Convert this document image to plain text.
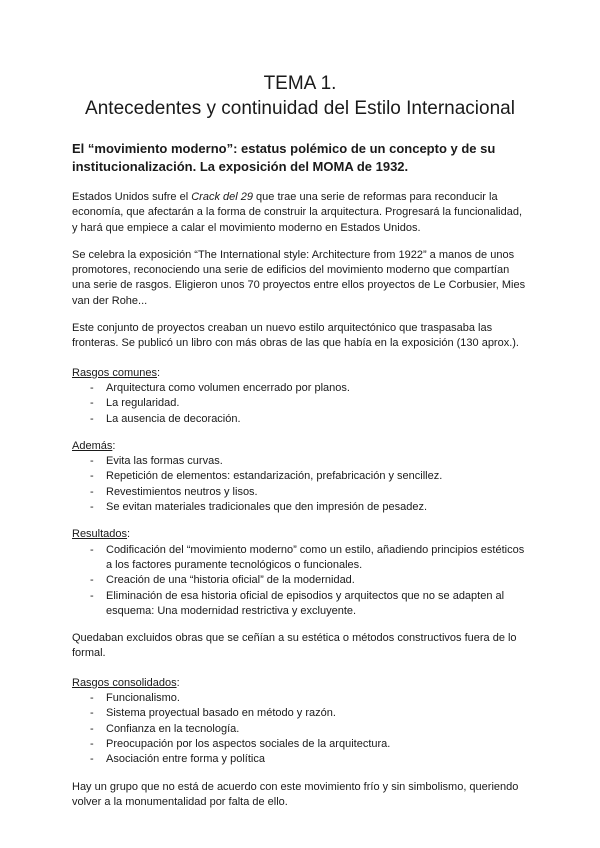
TEMA 1.
Antecedentes y continuidad del Estilo Internacional

El “movimiento moderno”: estatus polémico de un concepto y de su institucionalización. La exposición del MOMA de 1932.

Estados Unidos sufre el Crack del 29 que trae una serie de reformas para reconducir la economía, que afectarán a la forma de construir la arquitectura. Progresará la funcionalidad, y hará que empiece a calar el movimiento moderno en Estados Unidos.

Se celebra la exposición “The International style: Architecture from 1922” a manos de unos promotores, reconociendo una serie de edificios del movimiento moderno que compartían una serie de rasgos. Eligieron unos 70 proyectos entre ellos proyectos de Le Corbusier, Mies van der Rohe...

Este conjunto de proyectos creaban un nuevo estilo arquitectónico que traspasaba las fronteras. Se publicó un libro con más obras de las que había en la exposición (130 aprox.).

Rasgos comunes:

- Arquitectura como volumen encerrado por planos.
- La regularidad.
- La ausencia de decoración.

Además:

- Evita las formas curvas.
- Repetición de elementos: estandarización, prefabricación y sencillez.
- Revestimientos neutros y lisos.
- Se evitan materiales tradicionales que den impresión de pesadez.

Resultados:

- Codificación del “movimiento moderno” como un estilo, añadiendo principios estéticos a los factores puramente tecnológicos o funcionales.
- Creación de una “historia oficial” de la modernidad.
- Eliminación de esa historia oficial de episodios y arquitectos que no se adapten al esquema: Una modernidad restrictiva y excluyente.

Quedaban excluidos obras que se ceñían a su estética o métodos constructivos fuera de lo formal.

Rasgos consolidados:

- Funcionalismo.
- Sistema proyectual basado en método y razón.
- Confianza en la tecnología.
- Preocupación por los aspectos sociales de la arquitectura.
- Asociación entre forma y política

Hay un grupo que no está de acuerdo con este movimiento frío y sin simbolismo, queriendo volver a la monumentalidad por falta de ello.
